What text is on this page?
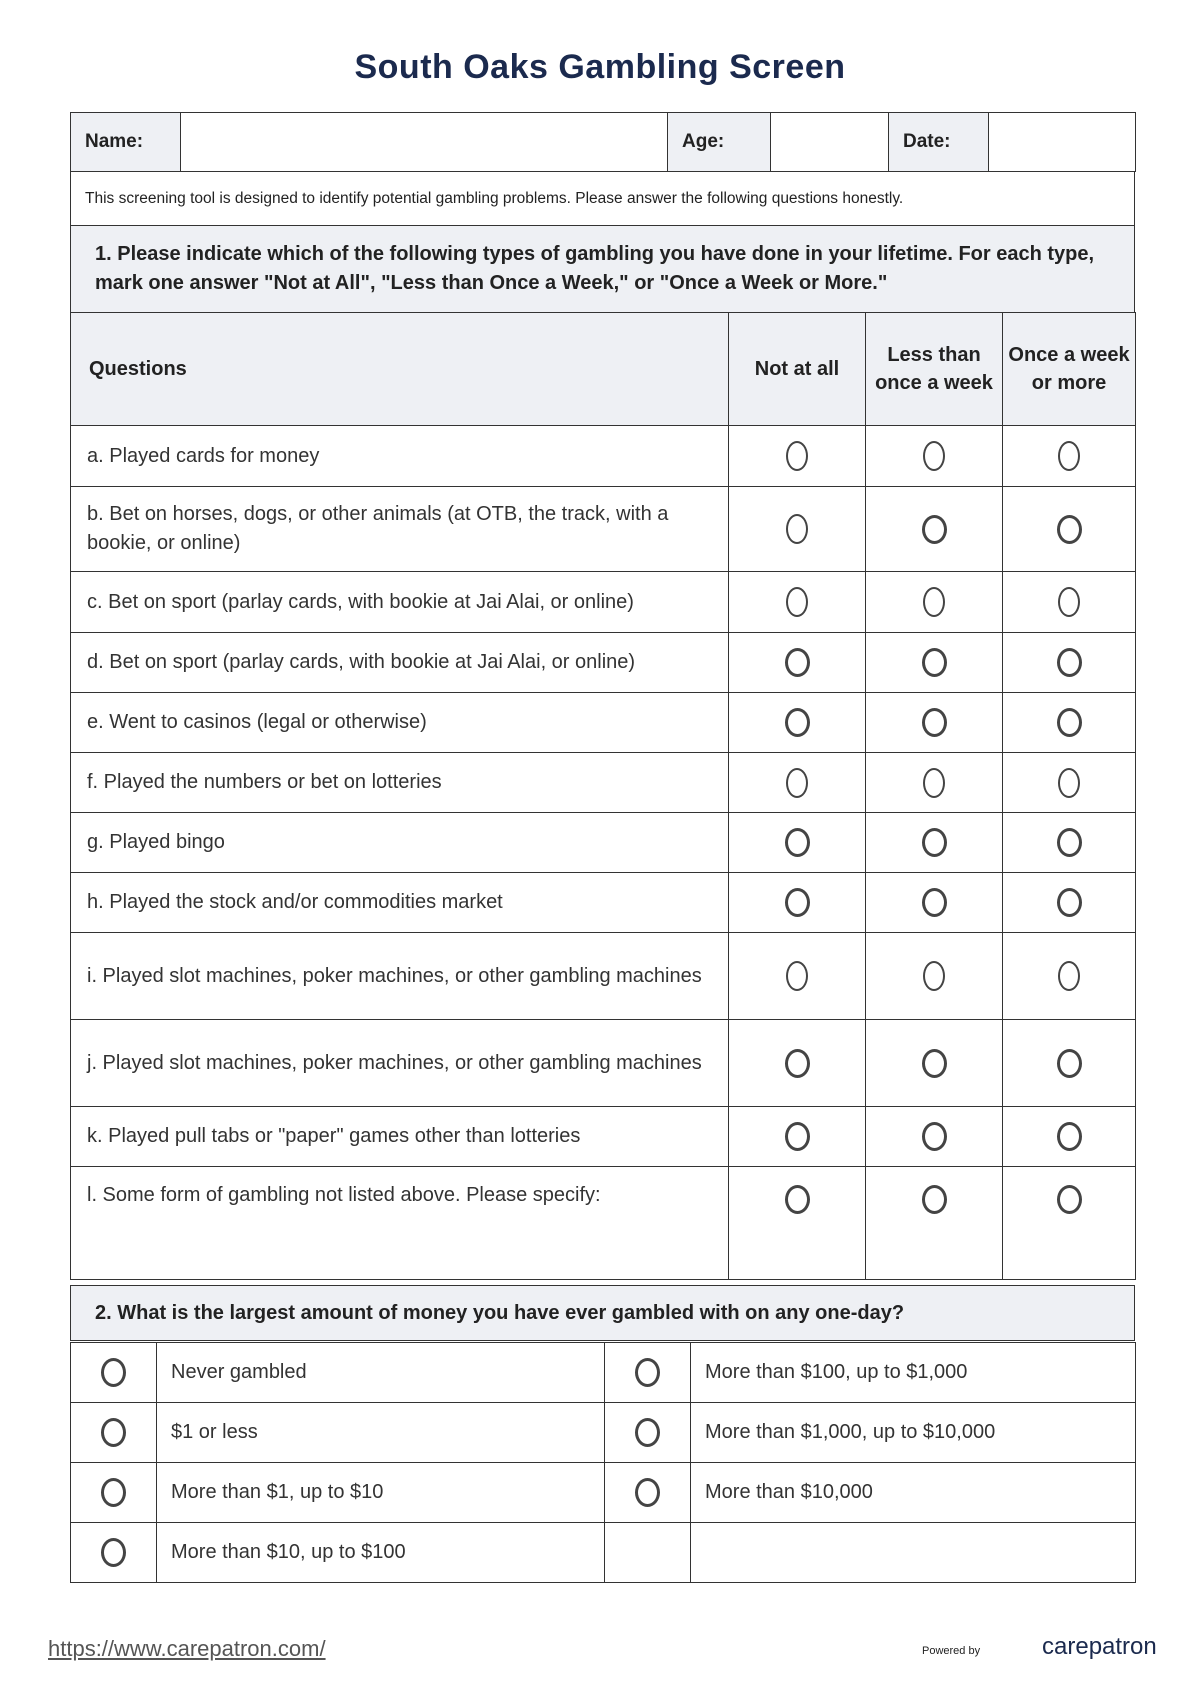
South Oaks Gambling Screen
Name:		Age:		Date:	
This screening tool is designed to identify potential gambling problems. Please answer the following questions honestly.
1. Please indicate which of the following types of gambling you have done in your lifetime. For each type, mark one answer "Not at All", "Less than Once a Week," or "Once a Week or More."
Questions	Not at all	Less than once a week	Once a week or more
a. Played cards for money			
b. Bet on horses, dogs, or other animals (at OTB, the track, with a bookie, or online)			
c. Bet on sport (parlay cards, with bookie at Jai Alai, or online)			
d. Bet on sport (parlay cards, with bookie at Jai Alai, or online)			
e. Went to casinos (legal or otherwise)			
f. Played the numbers or bet on lotteries			
g. Played bingo			
h. Played the stock and/or commodities market			
i. Played slot machines, poker machines, or other gambling machines			
j. Played slot machines, poker machines, or other gambling machines			
k. Played pull tabs or "paper" games other than lotteries			
l. Some form of gambling not listed above. Please specify:			
2. What is the largest amount of money you have ever gambled with on any one-day?
	Never gambled		More than $100, up to $1,000
	$1 or less		More than $1,000, up to $10,000
	More than $1, up to $10		More than $10,000
	More than $10, up to $100		
https://www.carepatron.com/	Powered by	carepatron
